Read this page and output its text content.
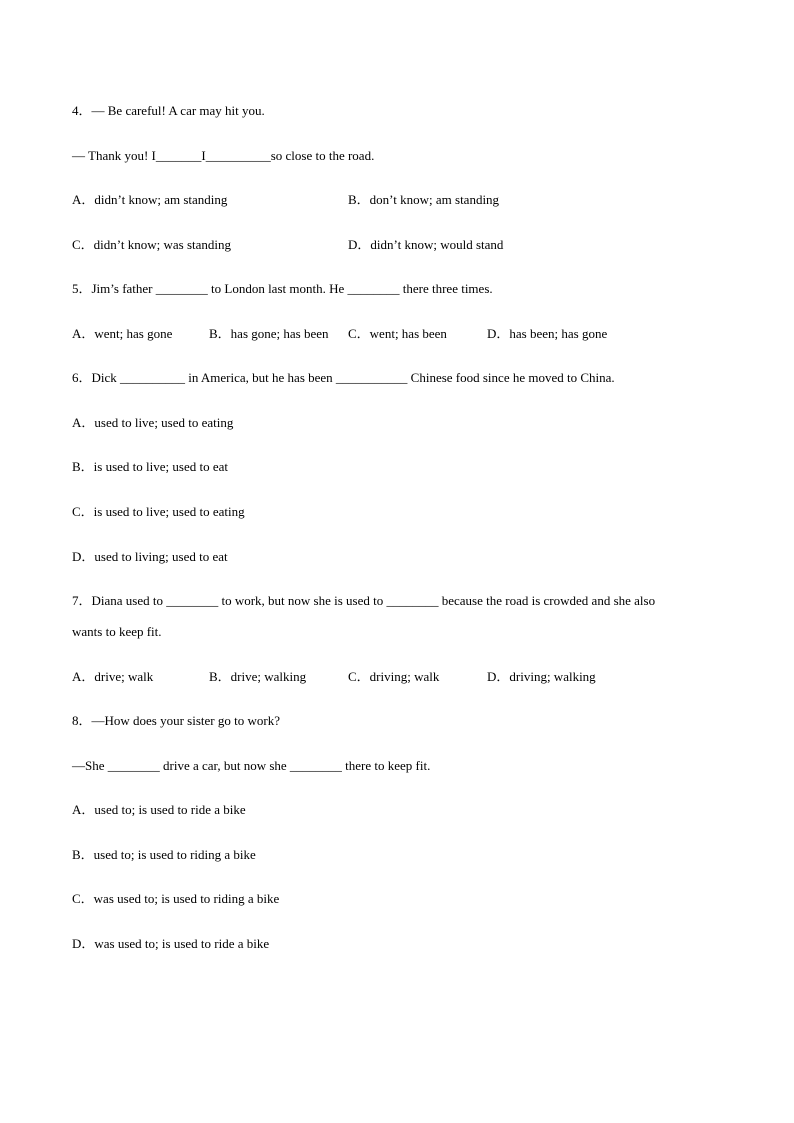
4．— Be careful! A car may hit you.
— Thank you! I_______I__________so close to the road.
A．didn’t know; am standing	B．don’t know; am standing
C．didn’t know; was standing	D．didn’t know; would stand
5．Jim’s father ________ to London last month. He ________ there three times.
A．went; has gone	B．has gone; has been C．went; has been	D．has been; has gone
6．Dick __________ in America, but he has been ___________ Chinese food since he moved to China.
A．used to live; used to eating
B．is used to live; used to eat
C．is used to live; used to eating
D．used to living; used to eat
7．Diana used to ________ to work, but now she is used to ________ because the road is crowded and she also
wants to keep fit.
A．drive; walk	B．drive; walking	C．driving; walk	D．driving; walking
8．—How does your sister go to work?
—She ________ drive a car, but now she ________ there to keep fit.
A．used to; is used to ride a bike
B．used to; is used to riding a bike
C．was used to; is used to riding a bike
D．was used to; is used to ride a bike
